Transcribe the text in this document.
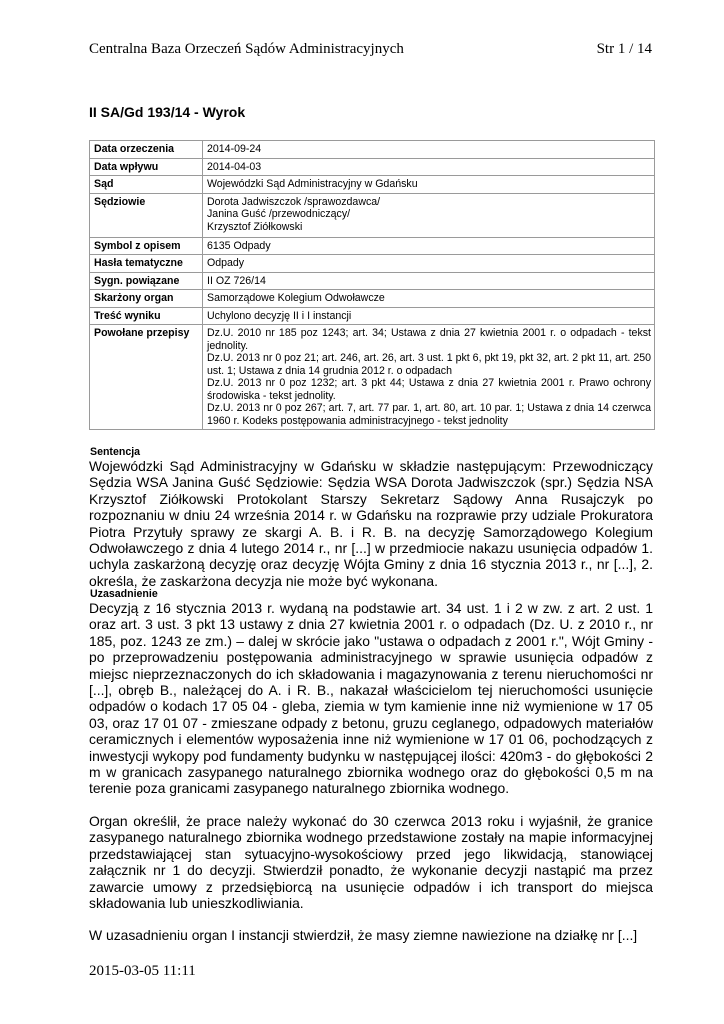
Centralna Baza Orzeczeń Sądów Administracyjnych	Str 1 / 14
II SA/Gd 193/14 - Wyrok
Data orzeczenia	2014-09-24

Data wpływu	2014-04-03

Sąd	Wojewódzki Sąd Administracyjny w Gdańsku

Sędziowie	Dorota Jadwiszczok /sprawozdawca/
Janina Guść /przewodniczący/
Krzysztof Ziółkowski

Symbol z opisem	6135 Odpady

Hasła tematyczne	Odpady

Sygn. powiązane	II OZ 726/14

Skarżony organ	Samorządowe Kolegium Odwoławcze

Treść wyniku	Uchylono decyzję II i I instancji

Powołane przepisy	Dz.U. 2010 nr 185 poz 1243; art. 34; Ustawa z dnia 27 kwietnia 2001 r. o odpadach - tekst jednolity.
Dz.U. 2013 nr 0 poz 21; art. 246, art. 26, art. 3 ust. 1 pkt 6, pkt 19, pkt 32, art. 2 pkt 11, art. 250 ust. 1; Ustawa z dnia 14 grudnia 2012 r. o odpadach
Dz.U. 2013 nr 0 poz 1232; art. 3 pkt 44; Ustawa z dnia 27 kwietnia 2001 r. Prawo ochrony środowiska - tekst jednolity.
Dz.U. 2013 nr 0 poz 267; art. 7, art. 77 par. 1, art. 80, art. 10 par. 1; Ustawa z dnia 14 czerwca 1960 r. Kodeks postępowania administracyjnego - tekst jednolity
Sentencja
Wojewódzki Sąd Administracyjny w Gdańsku w składzie następującym: Przewodniczący Sędzia WSA Janina Guść Sędziowie: Sędzia WSA Dorota Jadwiszczok (spr.) Sędzia NSA Krzysztof Ziółkowski Protokolant Starszy Sekretarz Sądowy Anna Rusajczyk po rozpoznaniu w dniu 24 września 2014 r. w Gdańsku na rozprawie przy udziale Prokuratora Piotra Przytuły sprawy ze skargi A. B. i R. B. na decyzję Samorządowego Kolegium Odwoławczego z dnia 4 lutego 2014 r., nr [...] w przedmiocie nakazu usunięcia odpadów 1. uchyla zaskarżoną decyzję oraz decyzję Wójta Gminy z dnia 16 stycznia 2013 r., nr [...], 2. określa, że zaskarżona decyzja nie może być wykonana.
Uzasadnienie

Decyzją z 16 stycznia 2013 r. wydaną na podstawie art. 34 ust. 1 i 2 w zw. z art. 2 ust. 1 oraz art. 3 ust. 3 pkt 13 ustawy z dnia 27 kwietnia 2001 r. o odpadach (Dz. U. z 2010 r., nr 185, poz. 1243 ze zm.) – dalej w skrócie jako "ustawa o odpadach z 2001 r.", Wójt Gminy - po przeprowadzeniu postępowania administracyjnego w sprawie usunięcia odpadów z miejsc nieprzeznaczonych do ich składowania i magazynowania z terenu nieruchomości nr [...], obręb B., należącej do A. i R. B., nakazał właścicielom tej nieruchomości usunięcie odpadów o kodach 17 05 04 - gleba, ziemia w tym kamienie inne niż wymienione w 17 05 03, oraz 17 01 07 - zmieszane odpady z betonu, gruzu ceglanego, odpadowych materiałów ceramicznych i elementów wyposażenia inne niż wymienione w 17 01 06, pochodzących z inwestycji wykopy pod fundamenty budynku w następującej ilości: 420m3 - do głębokości 2 m w granicach zasypanego naturalnego zbiornika wodnego oraz do głębokości 0,5 m na terenie poza granicami zasypanego naturalnego zbiornika wodnego.

Organ określił, że prace należy wykonać do 30 czerwca 2013 roku i wyjaśnił, że granice zasypanego naturalnego zbiornika wodnego przedstawione zostały na mapie informacyjnej przedstawiającej stan sytuacyjno-wysokościowy przed jego likwidacją, stanowiącej załącznik nr 1 do decyzji. Stwierdził ponadto, że wykonanie decyzji nastąpić ma przez zawarcie umowy z przedsiębiorcą na usunięcie odpadów i ich transport do miejsca składowania lub unieszkodliwiania.

W uzasadnieniu organ I instancji stwierdził, że masy ziemne nawiezione na działkę nr [...]

2015-03-05 11:11
